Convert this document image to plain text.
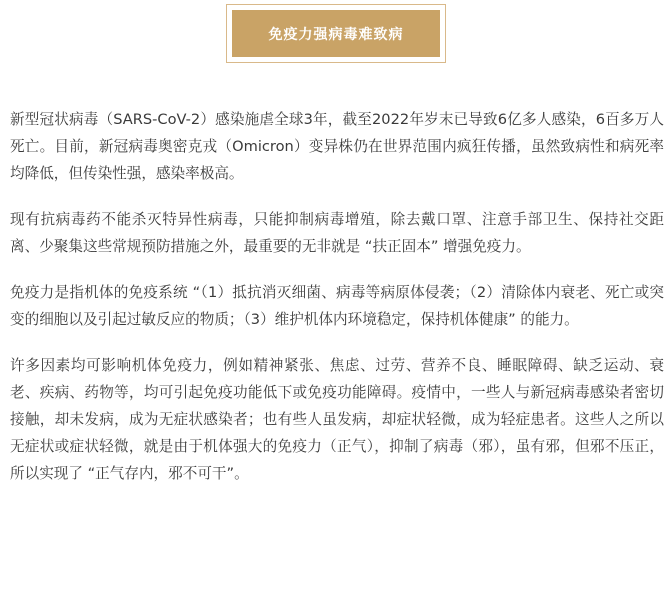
免疫力强病毒难致病

新型冠状病毒（SARS-CoV-2）感染施虐全球3年，截至2022年岁末已导致6亿多人感染，6百多万人死亡。目前，新冠病毒奥密克戎（Omicron）变异株仍在世界范围内疯狂传播，虽然致病性和病死率均降低，但传染性强，感染率极高。

现有抗病毒药不能杀灭特异性病毒，只能抑制病毒增殖，除去戴口罩、注意手部卫生、保持社交距离、少聚集这些常规预防措施之外，最重要的无非就是 “扶正固本” 增强免疫力。

免疫力是指机体的免疫系统 “（1）抵抗消灭细菌、病毒等病原体侵袭；（2）清除体内衰老、死亡或突变的细胞以及引起过敏反应的物质；（3）维护机体内环境稳定，保持机体健康” 的能力。

许多因素均可影响机体免疫力，例如精神紧张、焦虑、过劳、营养不良、睡眠障碍、缺乏运动、衰老、疾病、药物等，均可引起免疫功能低下或免疫功能障碍。疫情中，一些人与新冠病毒感染者密切接触，却未发病，成为无症状感染者；也有些人虽发病，却症状轻微，成为轻症患者。这些人之所以无症状或症状轻微，就是由于机体强大的免疫力（正气），抑制了病毒（邪），虽有邪，但邪不压正，所以实现了 “正气存内，邪不可干”。
